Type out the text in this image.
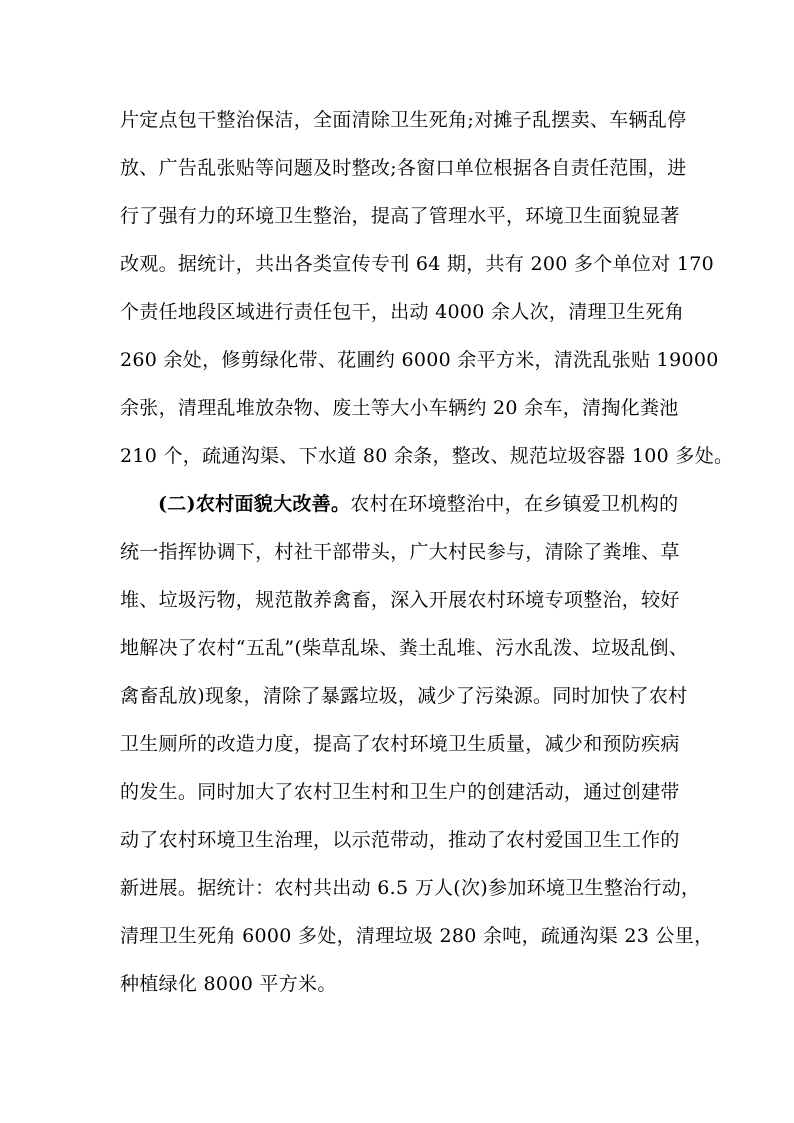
片定点包干整治保洁，全面清除卫生死角;对摊子乱摆卖、车辆乱停
放、广告乱张贴等问题及时整改;各窗口单位根据各自责任范围，进
行了强有力的环境卫生整治，提高了管理水平，环境卫生面貌显著
改观。据统计，共出各类宣传专刊 64 期，共有 200 多个单位对 170
个责任地段区域进行责任包干，出动 4000 余人次，清理卫生死角
260 余处，修剪绿化带、花圃约 6000 余平方米，清洗乱张贴 19000
余张，清理乱堆放杂物、废土等大小车辆约 20 余车，清掏化粪池
210 个，疏通沟渠、下水道 80 余条，整改、规范垃圾容器 100 多处。
(二)农村面貌大改善。农村在环境整治中，在乡镇爱卫机构的
统一指挥协调下，村社干部带头，广大村民参与，清除了粪堆、草
堆、垃圾污物，规范散养禽畜，深入开展农村环境专项整治，较好
地解决了农村“五乱”(柴草乱垛、粪土乱堆、污水乱泼、垃圾乱倒、
禽畜乱放)现象，清除了暴露垃圾，减少了污染源。同时加快了农村
卫生厕所的改造力度，提高了农村环境卫生质量，减少和预防疾病
的发生。同时加大了农村卫生村和卫生户的创建活动，通过创建带
动了农村环境卫生治理，以示范带动，推动了农村爱国卫生工作的
新进展。据统计：农村共出动 6.5 万人(次)参加环境卫生整治行动，
清理卫生死角 6000 多处，清理垃圾 280 余吨，疏通沟渠 23 公里，
种植绿化 8000 平方米。
